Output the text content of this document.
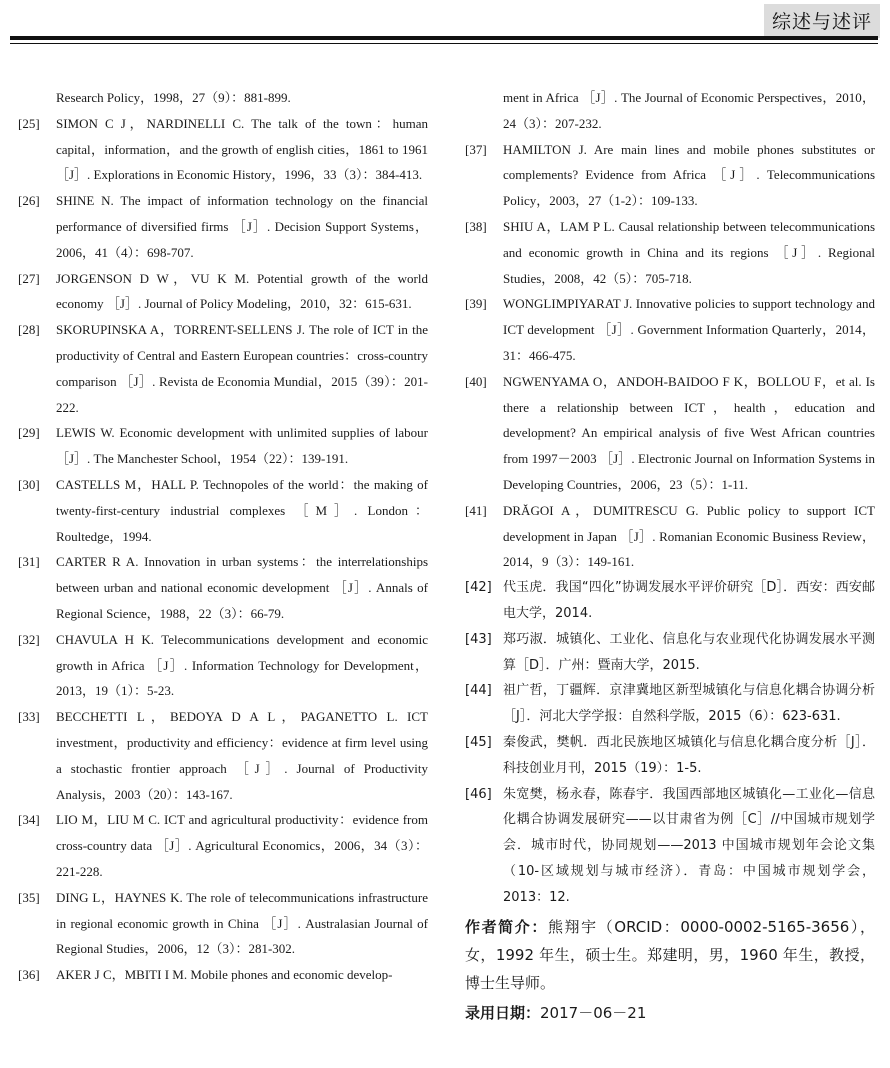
综述与述评
Research Policy，1998，27（9）：881-899.
[25] SIMON C J，NARDINELLI C. The talk of the town：human capital，information，and the growth of english cities，1861 to 1961 ［J］. Explorations in Economic History，1996，33（3）：384-413.
[26] SHINE N. The impact of information technology on the financial performance of diversified firms ［J］. Decision Support Systems，2006，41（4）：698-707.
[27] JORGENSON D W，VU K M. Potential growth of the world economy ［J］. Journal of Policy Modeling，2010，32：615-631.
[28] SKORUPINSKA A，TORRENT-SELLENS J. The role of ICT in the productivity of Central and Eastern European countries：cross-country comparison ［J］. Revista de Economia Mundial，2015（39）：201-222.
[29] LEWIS W. Economic development with unlimited supplies of labour ［J］. The Manchester School，1954（22）：139-191.
[30] CASTELLS M，HALL P. Technopoles of the world：the making of twenty-first-century industrial complexes ［M］. London：Roultedge，1994.
[31] CARTER R A. Innovation in urban systems：the interrelationships between urban and national economic development ［J］. Annals of Regional Science，1988，22（3）：66-79.
[32] CHAVULA H K. Telecommunications development and economic growth in Africa ［J］. Information Technology for Development，2013，19（1）：5-23.
[33] BECCHETTI L，BEDOYA D A L，PAGANETTO L. ICT investment，productivity and efficiency：evidence at firm level using a stochastic frontier approach ［J］. Journal of Productivity Analysis，2003（20）：143-167.
[34] LIO M，LIU M C. ICT and agricultural productivity：evidence from cross-country data ［J］. Agricultural Economics，2006，34（3）：221-228.
[35] DING L，HAYNES K. The role of telecommunications infrastructure in regional economic growth in China ［J］. Australasian Journal of Regional Studies，2006，12（3）：281-302.
[36] AKER J C，MBITI I M. Mobile phones and economic develop-
ment in Africa ［J］. The Journal of Economic Perspectives，2010，24（3）：207-232.
[37] HAMILTON J. Are main lines and mobile phones substitutes or complements? Evidence from Africa ［J］. Telecommunications Policy，2003，27（1-2）：109-133.
[38] SHIU A，LAM P L. Causal relationship between telecommunications and economic growth in China and its regions ［J］. Regional Studies，2008，42（5）：705-718.
[39] WONGLIMPIYARAT J. Innovative policies to support technology and ICT development ［J］. Government Information Quarterly，2014，31：466-475.
[40] NGWENYAMA O，ANDOH-BAIDOO F K，BOLLOU F，et al. Is there a relationship between ICT，health，education and development? An empirical analysis of five West African countries from 1997－2003 ［J］. Electronic Journal on Information Systems in Developing Countries，2006，23（5）：1-11.
[41] DRĂGOI A，DUMITRESCU G. Public policy to support ICT development in Japan ［J］. Romanian Economic Business Review，2014，9（3）：149-161.
[42] 代玉虎．我国“四化”协调发展水平评价研究［D］．西安：西安邮电大学，2014.
[43] 郑巧淑．城镇化、工业化、信息化与农业现代化协调发展水平测算［D］．广州：暨南大学，2015.
[44] 祖广哲，丁疆辉．京津冀地区新型城镇化与信息化耦合协调分析［J］．河北大学学报：自然科学版，2015（6）：623-631.
[45] 秦俊武，樊帆．西北民族地区城镇化与信息化耦合度分析［J］．科技创业月刊，2015（19）：1-5.
[46] 朱宽樊，杨永春，陈春宇．我国西部地区城镇化—工业化—信息化耦合协调发展研究——以甘肃省为例［C］//中国城市规划学会．城市时代，协同规划——2013 中国城市规划年会论文集（10-区域规划与城市经济）．青岛：中国城市规划学会，2013：12.
作者简介：熊翔宇（ORCID：0000-0002-5165-3656），女，1992 年生，硕士生。郑建明，男，1960 年生，教授，博士生导师。
录用日期：2017－06－21
